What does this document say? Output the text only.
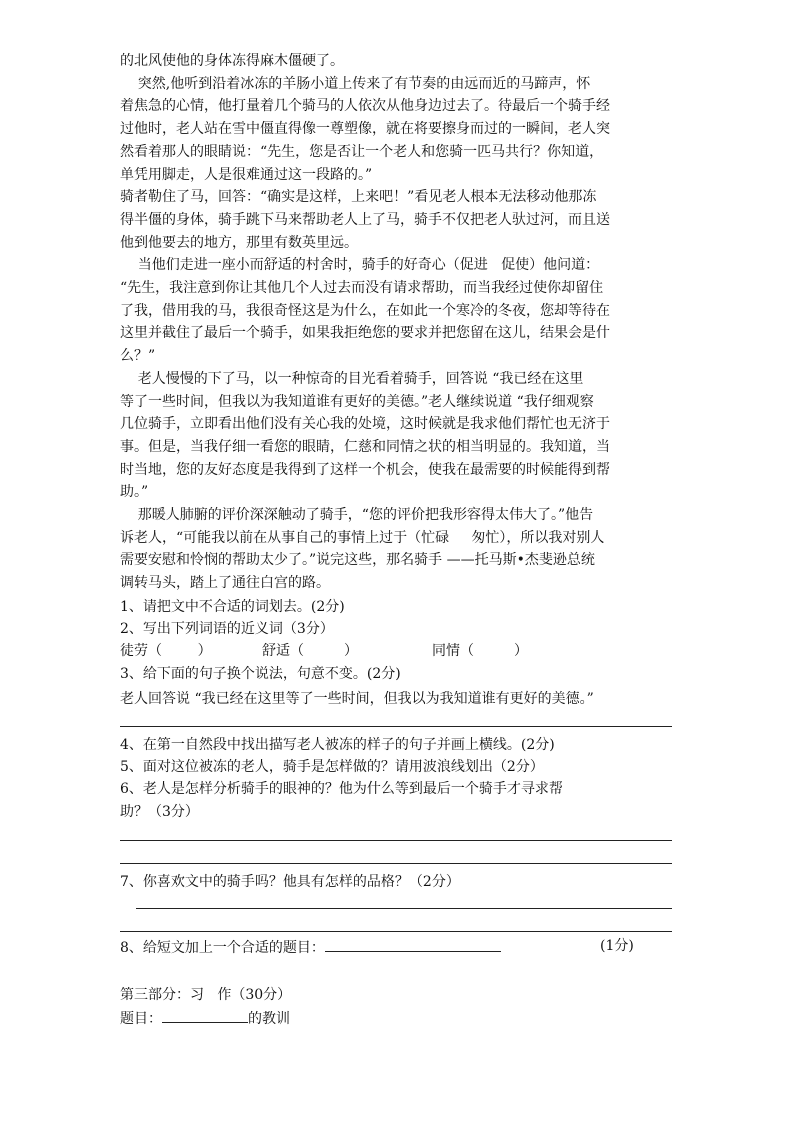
的北风使他的身体冻得麻木僵硬了。
突然,他听到沿着冰冻的羊肠小道上传来了有节奏的由远而近的马蹄声，怀
着焦急的心情，他打量着几个骑马的人依次从他身边过去了。待最后一个骑手经
过他时，老人站在雪中僵直得像一尊塑像，就在将要擦身而过的一瞬间，老人突
然看着那人的眼睛说：“先生，您是否让一个老人和您骑一匹马共行？你知道，
单凭用脚走，人是很难通过这一段路的。”
骑者勒住了马，回答：“确实是这样，上来吧！”看见老人根本无法移动他那冻
得半僵的身体，骑手跳下马来帮助老人上了马，骑手不仅把老人驮过河，而且送
他到他要去的地方，那里有数英里远。
当他们走进一座小而舒适的村舍时，骑手的好奇心（促进   促使）他问道：
“先生，我注意到你让其他几个人过去而没有请求帮助，而当我经过使你却留住
了我，借用我的马，我很奇怪这是为什么，在如此一个寒冷的冬夜，您却等待在
这里并截住了最后一个骑手，如果我拒绝您的要求并把您留在这儿，结果会是什
么？”
老人慢慢的下了马，以一种惊奇的目光看着骑手，回答说 “我已经在这里
等了一些时间，但我以为我知道谁有更好的美德。”老人继续说道 “我仔细观察
几位骑手，立即看出他们没有关心我的处境，这时候就是我求他们帮忙也无济于
事。但是，当我仔细一看您的眼睛，仁慈和同情之状的相当明显的。我知道，当
时当地，您的友好态度是我得到了这样一个机会，使我在最需要的时候能得到帮
助。”
那暖人肺腑的评价深深触动了骑手，“您的评价把我形容得太伟大了。”他告
诉老人，“可能我以前在从事自己的事情上过于（忙碌     匆忙），所以我对别人
需要安慰和怜悯的帮助太少了。”说完这些，那名骑手 ——托马斯•杰斐逊总统
调转马头，踏上了通往白宫的路。
1、请把文中不合适的词划去。(2分)
2、写出下列词语的近义词（3分）
徒劳（        ）	舒适（         ）	同情（         ）
3、给下面的句子换个说法，句意不变。(2分)
老人回答说 “我已经在这里等了一些时间，但我以为我知道谁有更好的美德。”
4、在第一自然段中找出描写老人被冻的样子的句子并画上横线。(2分)
5、面对这位被冻的老人，骑手是怎样做的？请用波浪线划出（2分）
6、老人是怎样分析骑手的眼神的？他为什么等到最后一个骑手才寻求帮
助？（3分）
7、你喜欢文中的骑手吗？他具有怎样的品格？（2分）
8、给短文加上一个合适的题目：	(1分)
第三部分：习   作（30分）
题目：	的教训
